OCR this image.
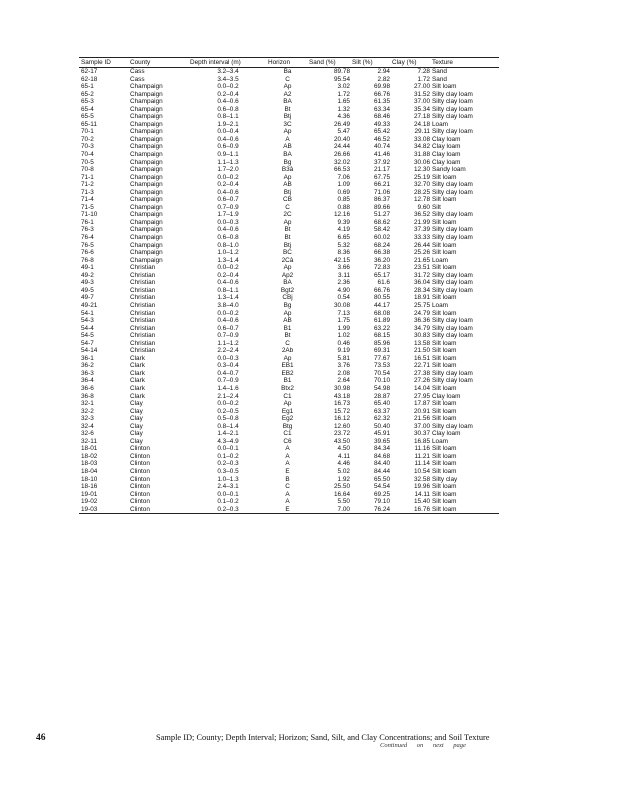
Sample ID	County	Depth interval (m)	Horizon	Sand (%)	Silt (%)	Clay (%)	Texture
62-17	Cass	3.2–3.4	Ba	89.78	2.94	7.28	Sand
62-18	Cass	3.4–3.5	C	95.54	2.82	1.72	Sand
65-1	Champaign	0.0–0.2	Ap	3.02	69.98	27.00	Silt loam
65-2	Champaign	0.2–0.4	A2	1.72	66.76	31.52	Silty clay loam
65-3	Champaign	0.4–0.6	BA	1.65	61.35	37.00	Silty clay loam
65-4	Champaign	0.6–0.8	Bt	1.32	63.34	35.34	Silty clay loam
65-5	Champaign	0.8–1.1	Btj	4.36	68.46	27.18	Silty clay loam
65-11	Champaign	1.9–2.1	3C	26.49	49.33	24.18	Loam
70-1	Champaign	0.0–0.4	Ap	5.47	65.42	29.11	Silty clay loam
70-2	Champaign	0.4–0.6	A	20.40	46.52	33.08	Clay loam
70-3	Champaign	0.6–0.9	AB	24.44	40.74	34.82	Clay loam
70-4	Champaign	0.9–1.1	BA	26.66	41.46	31.88	Clay loam
70-5	Champaign	1.1–1.3	Bg	32.02	37.92	30.06	Clay loam
70-8	Champaign	1.7–2.0	B3â	66.53	21.17	12.30	Sandy loam
71-1	Champaign	0.0–0.2	Ap	7.06	67.75	25.19	Silt loam
71-2	Champaign	0.2–0.4	AB	1.09	66.21	32.70	Silty clay loam
71-3	Champaign	0.4–0.6	Btj	0.69	71.06	28.25	Silty clay loam
71-4	Champaign	0.6–0.7	CB	0.85	86.37	12.78	Silt loam
71-5	Champaign	0.7–0.9	C	0.88	89.66	9.60	Silt
71-10	Champaign	1.7–1.9	2C	12.16	51.27	36.52	Silty clay loam
76-1	Champaign	0.0–0.3	Ap	9.39	68.62	21.99	Silt loam
76-3	Champaign	0.4–0.6	Bt	4.19	58.42	37.39	Silty clay loam
76-4	Champaign	0.6–0.8	Bt	6.65	60.02	33.33	Silty clay loam
76-5	Champaign	0.8–1.0	Btj	5.32	68.24	26.44	Silt loam
76-6	Champaign	1.0–1.2	BC	8.36	66.38	25.26	Silt loam
76-8	Champaign	1.3–1.4	2Câ	42.15	36.20	21.65	Loam
49-1	Christian	0.0–0.2	Ap	3.66	72.83	23.51	Silt loam
49-2	Christian	0.2–0.4	Ap2	3.11	65.17	31.72	Silty clay loam
49-3	Christian	0.4–0.6	BA	2.36	61.6	36.04	Silty clay loam
49-5	Christian	0.8–1.1	Bgt2	4.90	66.76	28.34	Silty clay loam
49-7	Christian	1.3–1.4	CBj	0.54	80.55	18.91	Silt loam
49-21	Christian	3.8–4.0	Bg	30.08	44.17	25.75	Loam
54-1	Christian	0.0–0.2	Ap	7.13	68.08	24.79	Silt loam
54-3	Christian	0.4–0.6	AB	1.75	61.89	36.36	Silty clay loam
54-4	Christian	0.6–0.7	B1	1.99	63.22	34.79	Silty clay loam
54-5	Christian	0.7–0.9	Bt	1.02	68.15	30.83	Silty clay loam
54-7	Christian	1.1–1.2	C	0.46	85.96	13.58	Silt loam
54-14	Christian	2.2–2.4	2Ab	9.19	69.31	21.50	Silt loam
36-1	Clark	0.0–0.3	Ap	5.81	77.67	16.51	Silt loam
36-2	Clark	0.3–0.4	EB1	3.76	73.53	22.71	Silt loam
36-3	Clark	0.4–0.7	EB2	2.08	70.54	27.38	Silty clay loam
36-4	Clark	0.7–0.9	B1	2.64	70.10	27.26	Silty clay loam
36-6	Clark	1.4–1.6	Btx2	30.98	54.98	14.04	Silt loam
36-8	Clark	2.1–2.4	C1	43.18	28.87	27.95	Clay loam
32-1	Clay	0.0–0.2	Ap	16.73	65.40	17.87	Silt loam
32-2	Clay	0.2–0.5	Eg1	15.72	63.37	20.91	Silt loam
32-3	Clay	0.5–0.8	Eg2	16.12	62.32	21.56	Silt loam
32-4	Clay	0.8–1.4	Btg	12.60	50.40	37.00	Silty clay loam
32-6	Clay	1.4–2.1	C1	23.72	45.91	30.37	Clay loam
32-11	Clay	4.3–4.9	C6	43.50	39.65	16.85	Loam
18-01	Clinton	0.0–0.1	A	4.50	84.34	11.16	Silt loam
18-02	Clinton	0.1–0.2	A	4.11	84.68	11.21	Silt loam
18-03	Clinton	0.2–0.3	A	4.46	84.40	11.14	Silt loam
18-04	Clinton	0.3–0.5	E	5.02	84.44	10.54	Silt loam
18-10	Clinton	1.0–1.3	B	1.92	65.50	32.58	Silty clay
18-16	Clinton	2.4–3.1	C	25.50	54.54	19.96	Silt loam
19-01	Clinton	0.0–0.1	A	16.64	69.25	14.11	Silt loam
19-02	Clinton	0.1–0.2	A	5.50	79.10	15.40	Silt loam
19-03	Clinton	0.2–0.3	E	7.00	76.24	16.76	Silt loam
Continued on next page
46	Sample ID; County; Depth Interval; Horizon; Sand, Silt, and Clay Concentrations; and Soil Texture
